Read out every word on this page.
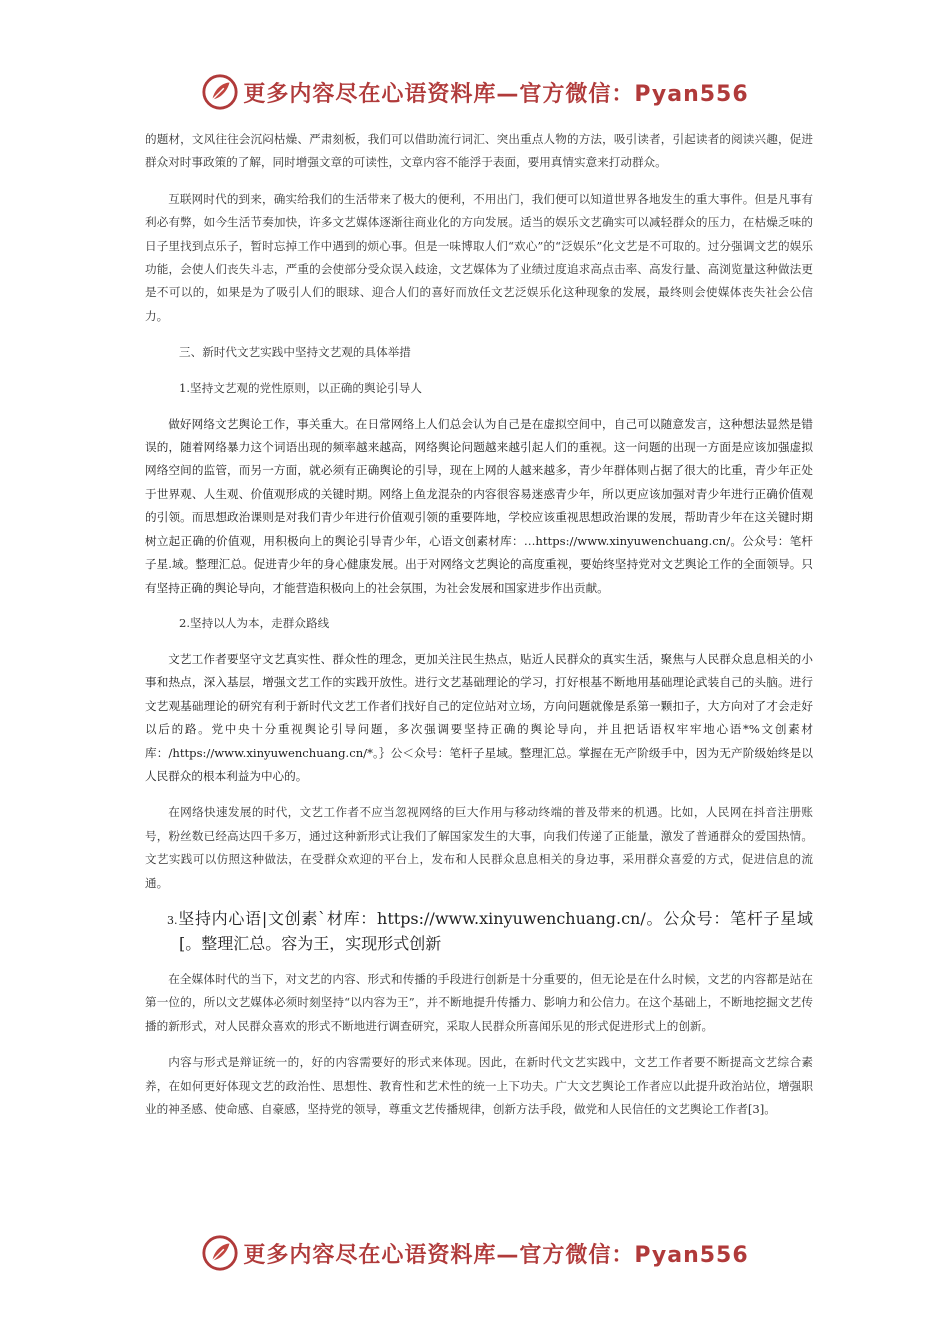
更多内容尽在心语资料库—官方微信：Pyan556

的题材，文风往往会沉闷枯燥、严肃刻板，我们可以借助流行词汇、突出重点人物的方法，吸引读者，引起读者的阅读兴趣，促进群众对时事政策的了解，同时增强文章的可读性，文章内容不能浮于表面，要用真情实意来打动群众。

互联网时代的到来，确实给我们的生活带来了极大的便利，不用出门，我们便可以知道世界各地发生的重大事件。但是凡事有利必有弊，如今生活节奏加快，许多文艺媒体逐渐往商业化的方向发展。适当的娱乐文艺确实可以减轻群众的压力，在枯燥乏味的日子里找到点乐子，暂时忘掉工作中遇到的烦心事。但是一味博取人们“欢心”的“泛娱乐”化文艺是不可取的。过分强调文艺的娱乐功能，会使人们丧失斗志，严重的会使部分受众误入歧途，文艺媒体为了业绩过度追求高点击率、高发行量、高浏览量这种做法更是不可以的，如果是为了吸引人们的眼球、迎合人们的喜好而放任文艺泛娱乐化这种现象的发展，最终则会使媒体丧失社会公信力。

三、新时代文艺实践中坚持文艺观的具体举措

1.坚持文艺观的党性原则，以正确的舆论引导人

做好网络文艺舆论工作，事关重大。在日常网络上人们总会认为自己是在虚拟空间中，自己可以随意发言，这种想法显然是错误的，随着网络暴力这个词语出现的频率越来越高，网络舆论问题越来越引起人们的重视。这一问题的出现一方面是应该加强虚拟网络空间的监管，而另一方面，就必须有正确舆论的引导，现在上网的人越来越多，青少年群体则占据了很大的比重，青少年正处于世界观、人生观、价值观形成的关键时期。网络上鱼龙混杂的内容很容易迷惑青少年，所以更应该加强对青少年进行正确价值观的引领。而思想政治课则是对我们青少年进行价值观引领的重要阵地，学校应该重视思想政治课的发展，帮助青少年在这关键时期树立起正确的价值观，用积极向上的舆论引导青少年，心语文创素材库：…https://www.xinyuwenchuang.cn/。公众号：笔杆子星.域。整理汇总。促进青少年的身心健康发展。出于对网络文艺舆论的高度重视，要始终坚持党对文艺舆论工作的全面领导。只有坚持正确的舆论导向，才能营造积极向上的社会氛围，为社会发展和国家进步作出贡献。

2.坚持以人为本，走群众路线

文艺工作者要坚守文艺真实性、群众性的理念，更加关注民生热点，贴近人民群众的真实生活，聚焦与人民群众息息相关的小事和热点，深入基层，增强文艺工作的实践开放性。进行文艺基础理论的学习，打好根基不断地用基础理论武装自己的头脑。进行文艺观基础理论的研究有利于新时代文艺工作者们找好自己的定位站对立场，方向问题就像是系第一颗扣子，大方向对了才会走好以后的路。党中央十分重视舆论引导问题，多次强调要坚持正确的舆论导向，并且把话语权牢牢地心语*%文创素材库：/https://www.xinyuwenchuang.cn/*。｝公＜众号：笔杆子星域。整理汇总。掌握在无产阶级手中，因为无产阶级始终是以人民群众的根本利益为中心的。

在网络快速发展的时代，文艺工作者不应当忽视网络的巨大作用与移动终端的普及带来的机遇。比如，人民网在抖音注册账号，粉丝数已经高达四千多万，通过这种新形式让我们了解国家发生的大事，向我们传递了正能量，激发了普通群众的爱国热情。文艺实践可以仿照这种做法，在受群众欢迎的平台上，发布和人民群众息息相关的身边事，采用群众喜爱的方式，促进信息的流通。

3.坚持内心语|文创素`材库：https://www.xinyuwenchuang.cn/。公众号：笔杆子星域[。整理汇总。容为王，实现形式创新

在全媒体时代的当下，对文艺的内容、形式和传播的手段进行创新是十分重要的，但无论是在什么时候，文艺的内容都是站在第一位的，所以文艺媒体必须时刻坚持“以内容为王”，并不断地提升传播力、影响力和公信力。在这个基础上，不断地挖掘文艺传播的新形式，对人民群众喜欢的形式不断地进行调查研究，采取人民群众所喜闻乐见的形式促进形式上的创新。

内容与形式是辩证统一的，好的内容需要好的形式来体现。因此，在新时代文艺实践中，文艺工作者要不断提高文艺综合素养，在如何更好体现文艺的政治性、思想性、教育性和艺术性的统一上下功夫。广大文艺舆论工作者应以此提升政治站位，增强职业的神圣感、使命感、自豪感，坚持党的领导，尊重文艺传播规律，创新方法手段，做党和人民信任的文艺舆论工作者[3]。

更多内容尽在心语资料库—官方微信：Pyan556
